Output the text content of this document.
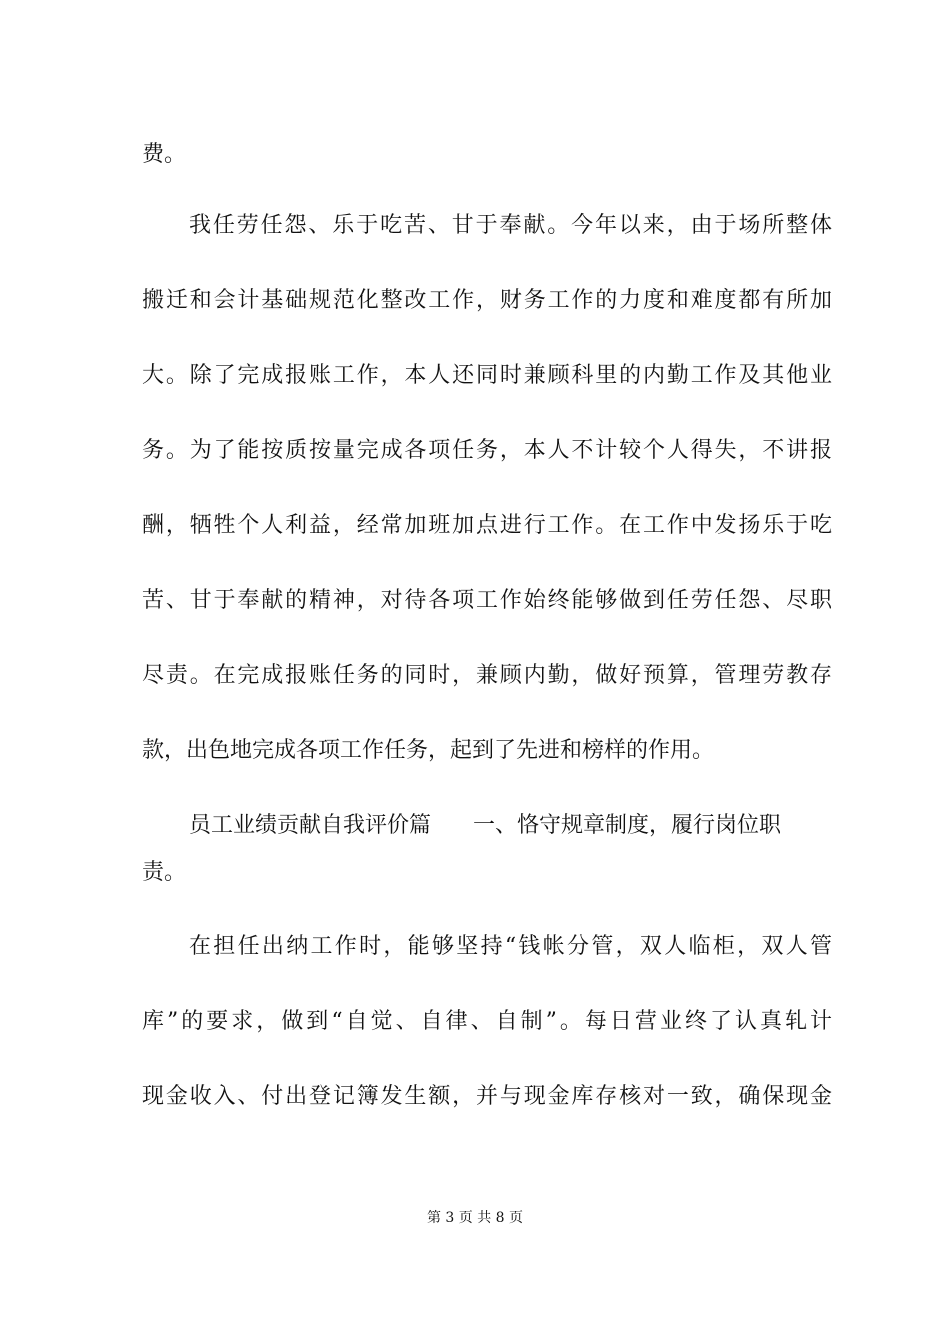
费。
我任劳任怨、乐于吃苦、甘于奉献。今年以来，由于场所整体
搬迁和会计基础规范化整改工作，财务工作的力度和难度都有所加
大。除了完成报账工作，本人还同时兼顾科里的内勤工作及其他业
务。为了能按质按量完成各项任务，本人不计较个人得失，不讲报
酬，牺牲个人利益，经常加班加点进行工作。在工作中发扬乐于吃
苦、甘于奉献的精神，对待各项工作始终能够做到任劳任怨、尽职
尽责。在完成报账任务的同时，兼顾内勤，做好预算，管理劳教存
款，出色地完成各项工作任务，起到了先进和榜样的作用。
员工业绩贡献自我评价篇 一、恪守规章制度，履行岗位职
责。
在担任出纳工作时，能够坚持“钱帐分管，双人临柜，双人管
库”的要求，做到“自觉、自律、自制”。每日营业终了认真轧计
现金收入、付出登记簿发生额，并与现金库存核对一致，确保现金
第 3 页 共 8 页
